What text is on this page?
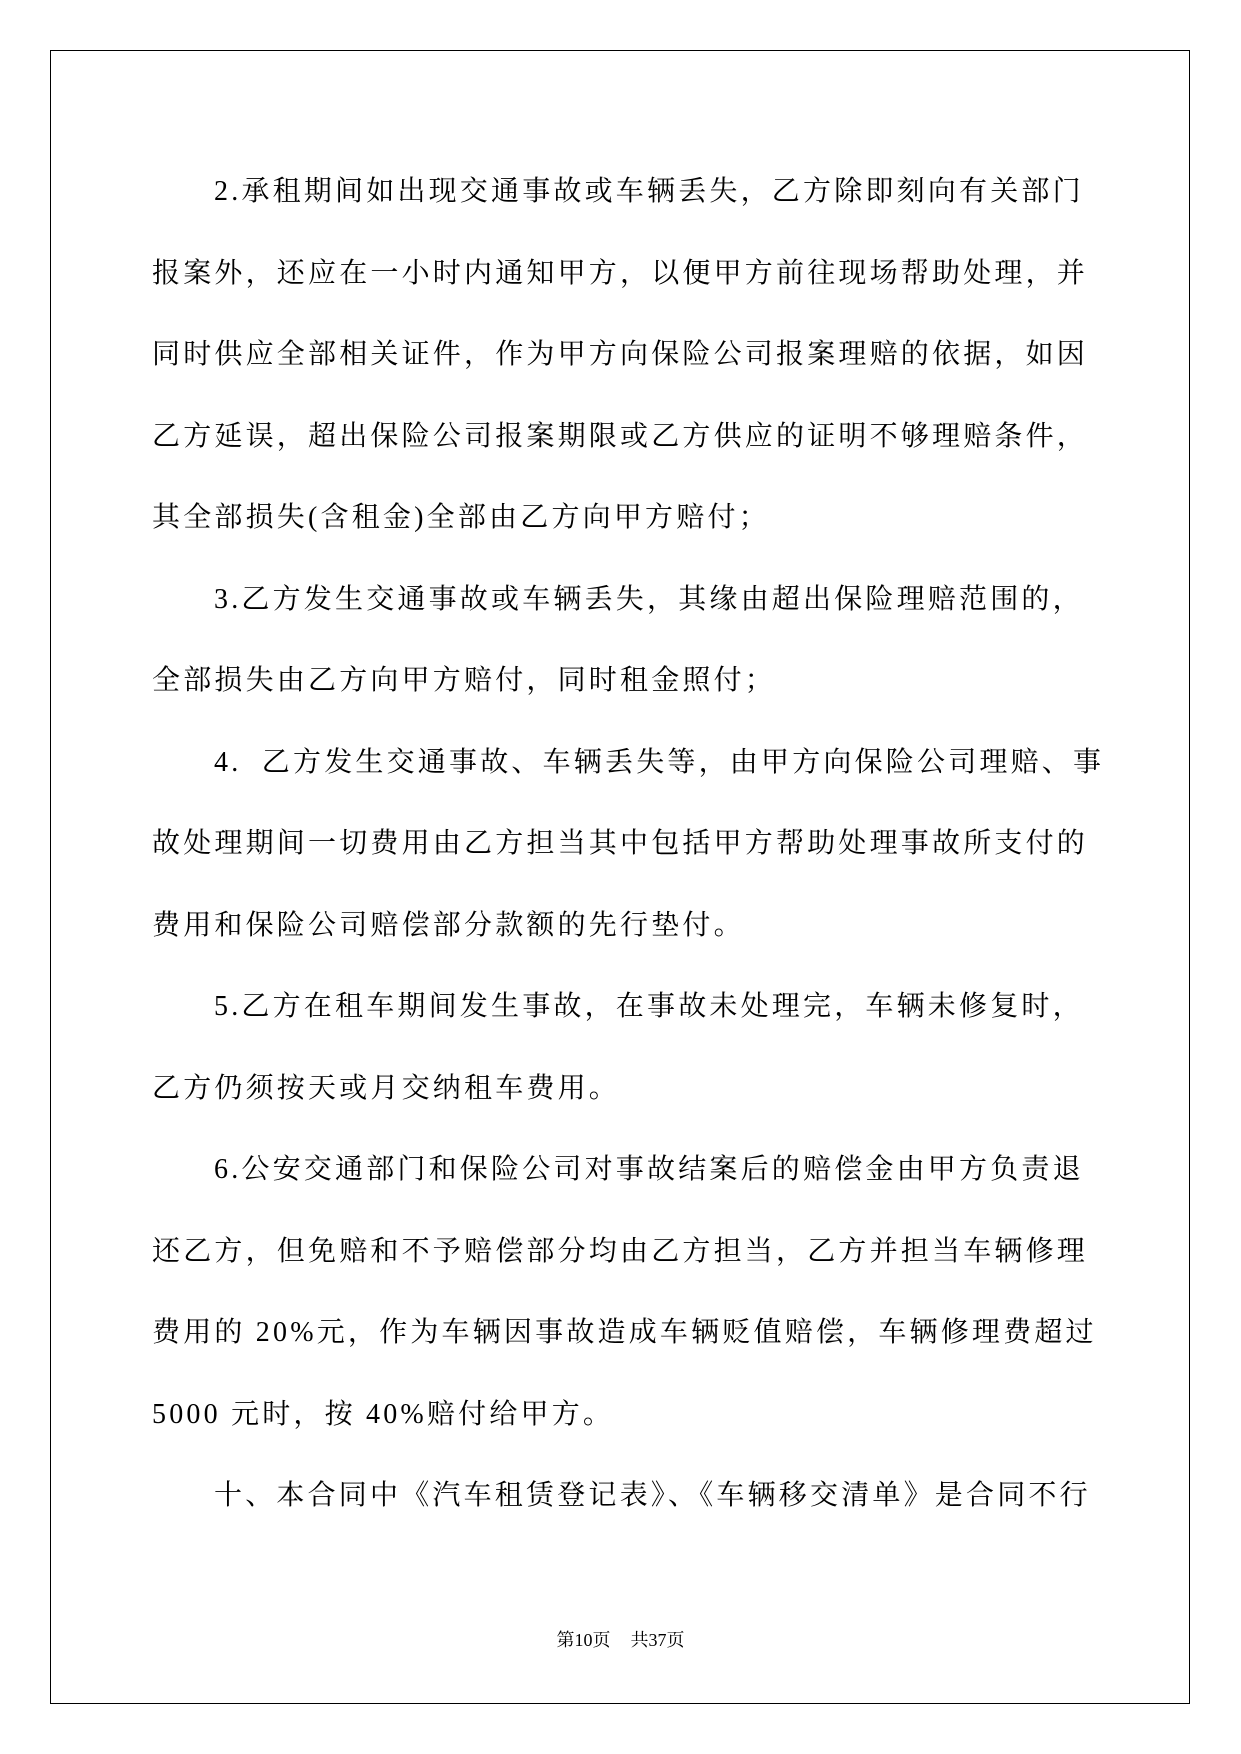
2.承租期间如出现交通事故或车辆丢失，乙方除即刻向有关部门
报案外，还应在一小时内通知甲方，以便甲方前往现场帮助处理，并
同时供应全部相关证件，作为甲方向保险公司报案理赔的依据，如因
乙方延误，超出保险公司报案期限或乙方供应的证明不够理赔条件，
其全部损失(含租金)全部由乙方向甲方赔付；
3.乙方发生交通事故或车辆丢失，其缘由超出保险理赔范围的，
全部损失由乙方向甲方赔付，同时租金照付；
4.  乙方发生交通事故、车辆丢失等，由甲方向保险公司理赔、事
故处理期间一切费用由乙方担当其中包括甲方帮助处理事故所支付的
费用和保险公司赔偿部分款额的先行垫付。
5.乙方在租车期间发生事故，在事故未处理完，车辆未修复时，
乙方仍须按天或月交纳租车费用。
6.公安交通部门和保险公司对事故结案后的赔偿金由甲方负责退
还乙方，但免赔和不予赔偿部分均由乙方担当，乙方并担当车辆修理
费用的 20%元，作为车辆因事故造成车辆贬值赔偿，车辆修理费超过
5000 元时，按 40%赔付给甲方。
十、本合同中《汽车租赁登记表》、《车辆移交清单》是合同不行
第10页 共37页
